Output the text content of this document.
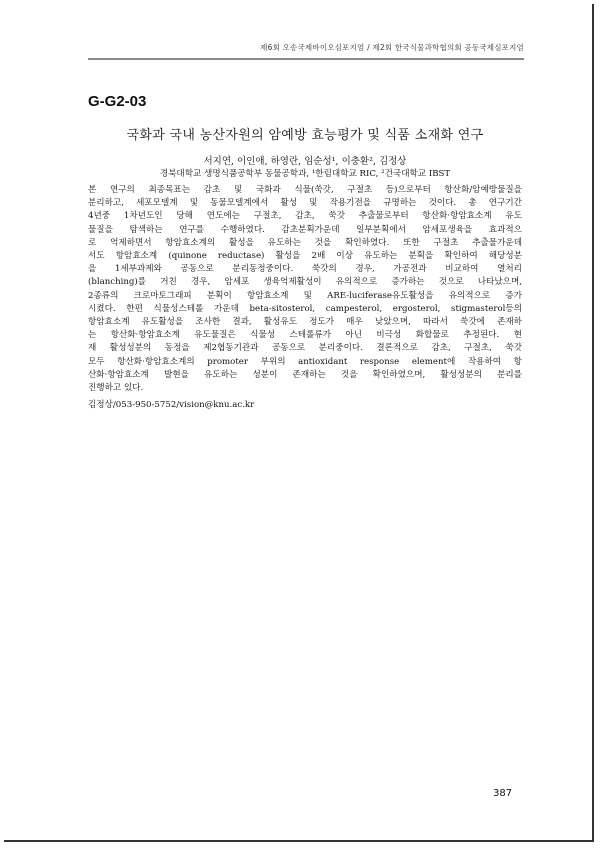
제6회 오송국제바이오심포지엄 / 제2회 한국식물과학협의회 공동국제심포지엄
G-G2-03
국화과 국내 농산자원의 암예방 효능평가 및 식품 소재화 연구
서지연, 이인애, 하영란, 임순성¹, 이충환², 김정상
경북대학교 생명식품공학부 동물공학과, ¹한림대학교 RIC, ²건국대학교 IBST

본 연구의 최종목표는 감초 및 국화과 식물(쑥갓, 구절초 등)으로부터 항산화/암예방물질을

분리하고, 세포모델계 및 동물모델계에서 활성 및 작용기전을 규명하는 것이다. 총 연구기간

4년중 1차년도인 당해 연도에는 구절초, 감초, 쑥갓 추출물로부터 항산화·항암효소계 유도

물질을 탐색하는 연구를 수행하였다. 감초분획가운데 일부분획에서 암세포생육을 효과적으

로 억제하면서 항암효소계의 활성을 유도하는 것을 확인하였다. 또한 구절초 추출물가운데

서도 항암효소계 (quinone reductase) 활성을 2배 이상 유도하는 분획을 확인하여 해당성분

을 1세부과제와 공동으로 분리동정중이다. 쑥갓의 경우, 가공전과 비교하여 열처리

(blanching)를 거친 경우, 암세포 생육억제활성이 유의적으로 증가하는 것으로 나타났으며,

2종류의 크로마토그래피 분획이 항암효소계 및 ARE-luciferase유도활성을 유의적으로 증가

시켰다. 한편 식물성스테롤 가운데 beta-sitosterol, campesterol, ergosterol, stigmasterol등의

항암효소계 유도활성을 조사한 결과, 활성유도 정도가 매우 낮았으며, 따라서 쑥갓에 존재하

는 항산화·항암효소계 유도물질은 식물성 스테롤류가 아닌 비극성 화합물로 추정된다. 현

재 활성성분의 동정을 제2협동기관과 공동으로 분리중이다. 결론적으로 감초, 구절초, 쑥갓

모두 항산화·항암효소계의 promoter 부위의 antioxidant response element에 작용하여 항

산화·항암효소계 발현을 유도하는 성분이 존재하는 것을 확인하였으며, 활성성분의 분리를

진행하고 있다.

김정상/053-950-5752/vision@knu.ac.kr
387
